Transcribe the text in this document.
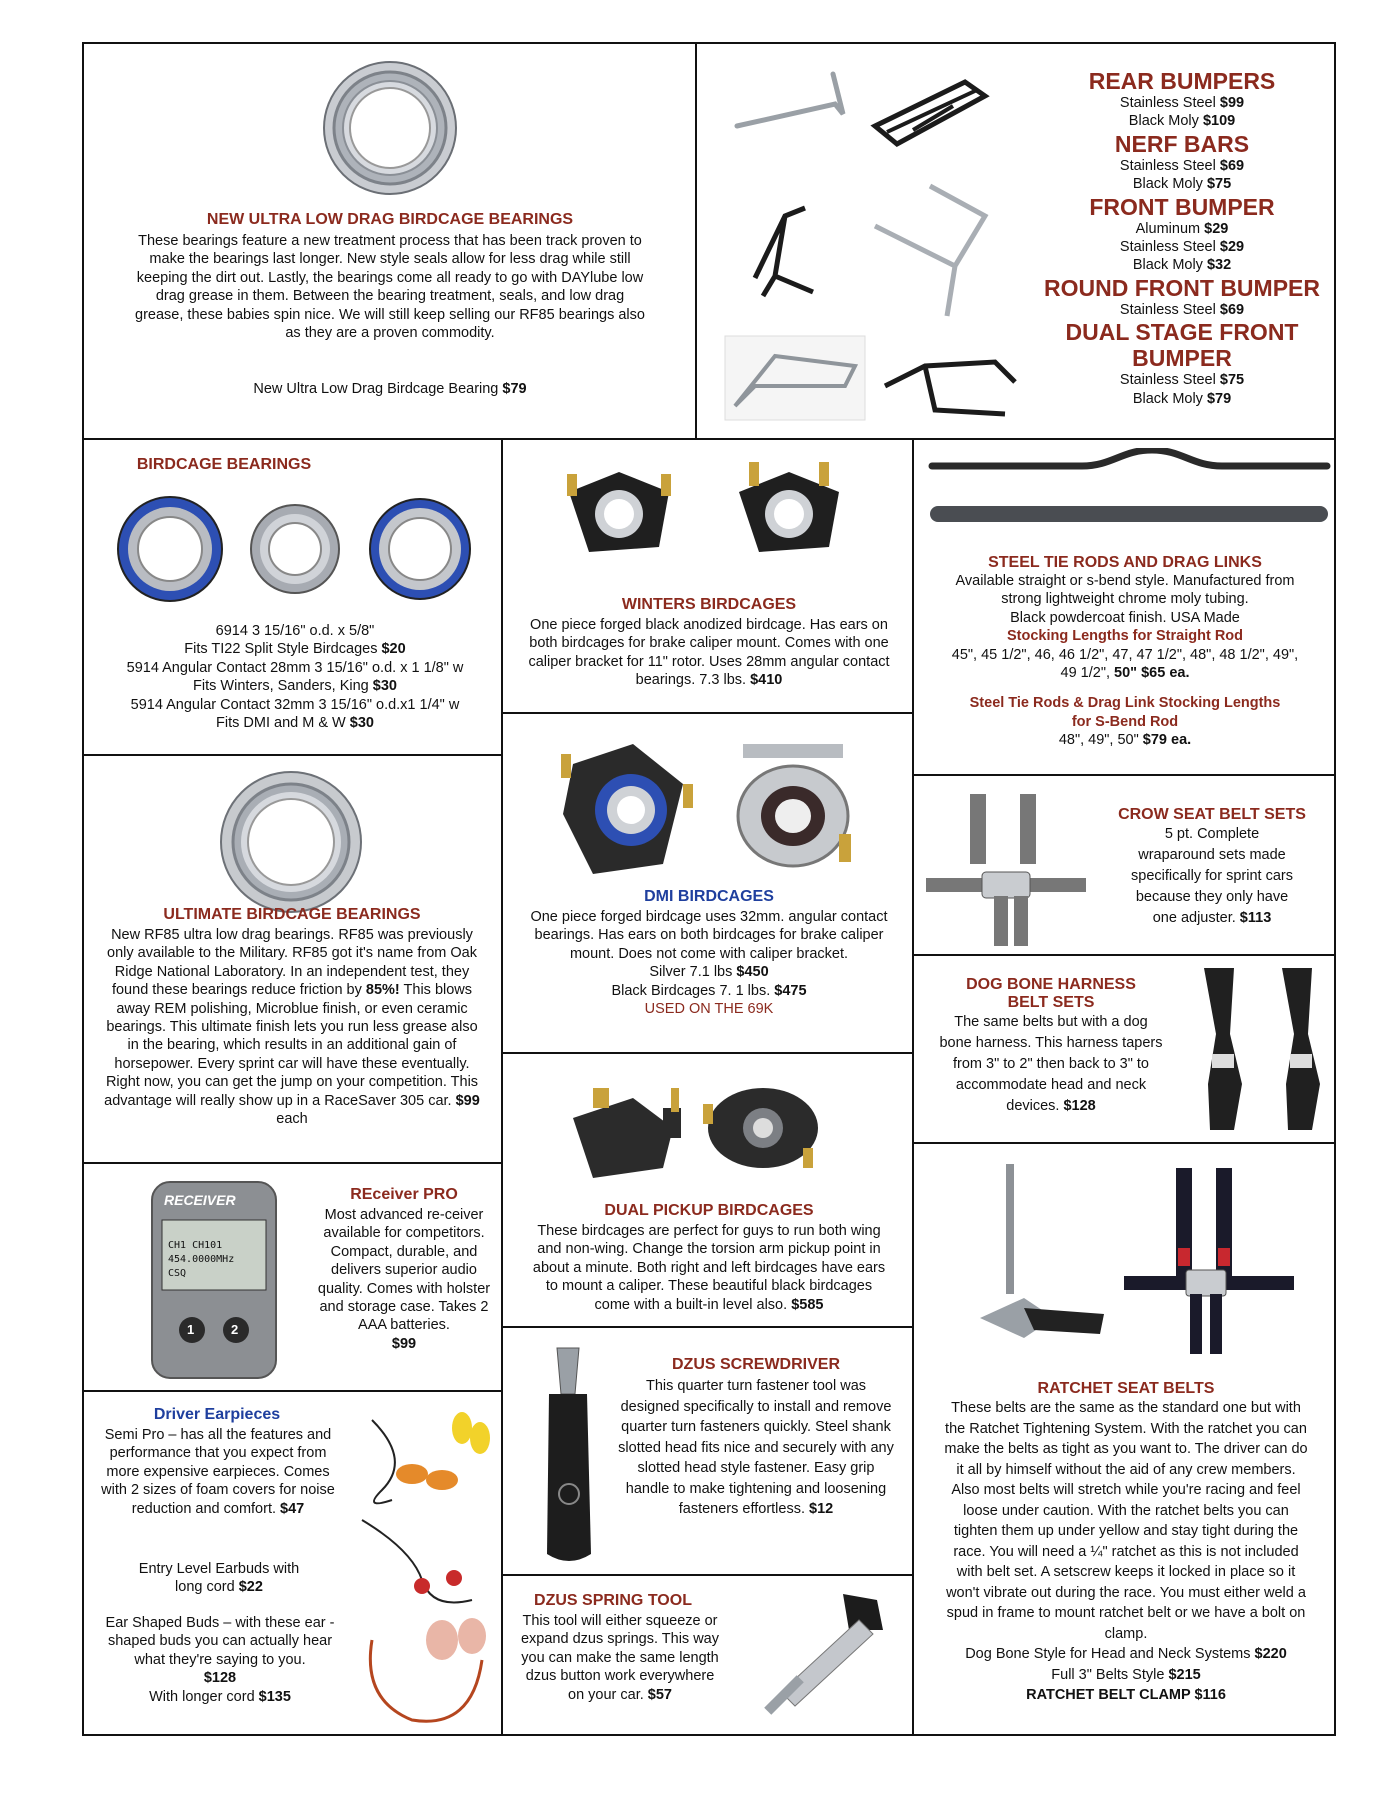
NEW ULTRA LOW DRAG BIRDCAGE BEARINGS
These bearings feature a new treatment process that has been track proven to make the bearings last longer. New style seals allow for less drag while still keeping the dirt out. Lastly, the bearings come all ready to go with DAYlube low drag grease in them. Between the bearing treatment, seals, and low drag grease, these babies spin nice. We will still keep selling our RF85 bearings also as they are a proven commodity.
New Ultra Low Drag Birdcage Bearing $79
REAR BUMPERS
Stainless Steel $99
Black Moly $109
NERF BARS
Stainless Steel $69
Black Moly $75
FRONT BUMPER
Aluminum $29
Stainless Steel $29
Black Moly $32
ROUND FRONT BUMPER
Stainless Steel $69
DUAL STAGE FRONT
BUMPER
Stainless Steel $75
Black Moly $79
BIRDCAGE BEARINGS
6914 3 15/16" o.d. x 5/8"
Fits TI22 Split Style Birdcages $20
5914 Angular Contact 28mm 3 15/16" o.d. x 1 1/8" w
Fits Winters, Sanders, King $30
5914 Angular Contact 32mm 3 15/16" o.d.x1 1/4" w
Fits DMI and M & W $30
WINTERS BIRDCAGES
One piece forged black anodized birdcage. Has ears on both birdcages for brake caliper mount. Comes with one caliper bracket for 11" rotor. Uses 28mm angular contact bearings. 7.3 lbs. $410
STEEL TIE RODS AND DRAG LINKS
Available straight or s-bend style. Manufactured from
strong lightweight chrome moly tubing.
Black powdercoat finish. USA Made
Stocking Lengths for Straight Rod
45", 45 1/2", 46, 46 1/2", 47, 47 1/2", 48", 48 1/2", 49",
49 1/2", 50" $65 ea.
Steel Tie Rods & Drag Link Stocking Lengths
for S-Bend Rod
48", 49", 50" $79 ea.
ULTIMATE BIRDCAGE BEARINGS
New RF85 ultra low drag bearings. RF85 was previously only available to the Military. RF85 got it's name from Oak Ridge National Laboratory. In an independent test, they found these bearings reduce friction by 85%! This blows away REM polishing, Microblue finish, or even ceramic bearings. This ultimate finish lets you run less grease also in the bearing, which results in an additional gain of horsepower. Every sprint car will have these eventually. Right now, you can get the jump on your competition. This advantage will really show up in a RaceSaver 305 car. $99 each
DMI BIRDCAGES
One piece forged birdcage uses 32mm. angular contact bearings. Has ears on both birdcages for brake caliper mount. Does not come with caliper bracket.
Silver 7.1 lbs $450
Black Birdcages 7. 1 lbs. $475
USED ON THE 69K
CROW SEAT BELT SETS
5 pt. Complete
wraparound sets made
specifically for sprint cars
because they only have
one adjuster. $113
DOG BONE HARNESS
BELT SETS
The same belts but with a dog
bone harness. This harness tapers
from 3" to 2" then back to 3" to
accommodate head and neck
devices. $128
DUAL PICKUP BIRDCAGES
These birdcages are perfect for guys to run both wing and non-wing. Change the torsion arm pickup point in about a minute. Both right and left birdcages have ears to mount a caliper. These beautiful black birdcages come with a built-in level also. $585
RATCHET SEAT BELTS
These belts are the same as the standard one but with the Ratchet Tightening System. With the ratchet you can make the belts as tight as you want to. The driver can do it all by himself without the aid of any crew members. Also most belts will stretch while you're racing and feel loose under caution. With the ratchet belts you can tighten them up under yellow and stay tight during the race. You will need a ¼" ratchet as this is not included with belt set. A setscrew keeps it locked in place so it won't vibrate out during the race. You must either weld a spud in frame to mount ratchet belt or we have a bolt on clamp.
Dog Bone Style for Head and Neck Systems $220
Full 3" Belts Style $215
RATCHET BELT CLAMP $116
RECEIVER
CH1 CH101
454.0000MHz
CSQ
1	2
REceiver PRO
Most advanced re-ceiver available for competitors. Compact, durable, and delivers superior audio quality. Comes with holster and storage case. Takes 2 AAA batteries.
$99
Driver Earpieces
Semi Pro – has all the features and performance that you expect from more expensive earpieces. Comes with 2 sizes of foam covers for noise reduction and comfort. $47
Entry Level Earbuds with long cord $22
Ear Shaped Buds – with these ear -shaped buds you can actually hear what they're saying to you.
$128
With longer cord $135
DZUS SCREWDRIVER
This quarter turn fastener tool was designed specifically to install and remove quarter turn fasteners quickly. Steel shank slotted head fits nice and securely with any slotted head style fastener. Easy grip handle to make tightening and loosening fasteners effortless. $12
DZUS SPRING TOOL
This tool will either squeeze or expand dzus springs. This way you can make the same length dzus button work everywhere on your car. $57
